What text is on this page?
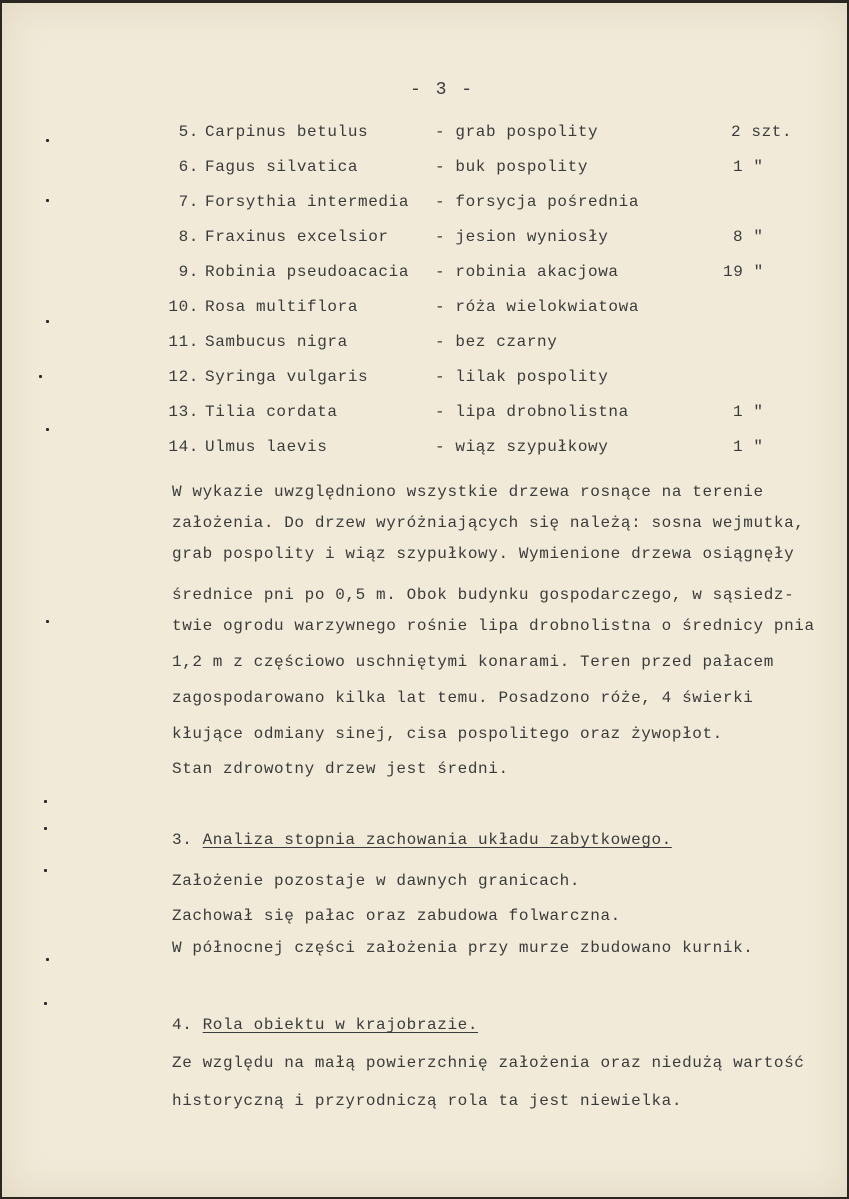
- 3 -
5. Carpinus betulus	- grab pospolity	2 szt.
6. Fagus silvatica	- buk pospolity	1 "
7. Forsythia intermedia - forsycja pośrednia
8. Fraxinus excelsior	- jesion wyniosły	8 "
9. Robinia pseudoacacia - robinia akacjowa	19 "
10. Rosa multiflora	- róża wielokwiatowa
11. Sambucus nigra	- bez czarny
12. Syringa vulgaris	- lilak pospolity
13. Tilia cordata	- lipa drobnolistna	1 "
14. Ulmus laevis	- wiąz szypułkowy	1 "
W wykazie uwzględniono wszystkie drzewa rosnące na terenie
założenia. Do drzew wyróżniających się należą: sosna wejmutka,
grab pospolity i wiąz szypułkowy. Wymienione drzewa osiągnęły
średnice pni po 0,5 m. Obok budynku gospodarczego, w sąsiedz-
twie ogrodu warzywnego rośnie lipa drobnolistna o średnicy pnia
1,2 m z częściowo uschniętymi konarami. Teren przed pałacem
zagospodarowano kilka lat temu. Posadzono róże, 4 świerki
kłujące odmiany sinej, cisa pospolitego oraz żywopłot.
Stan zdrowotny drzew jest średni.
3. Analiza stopnia zachowania układu zabytkowego.
Założenie pozostaje w dawnych granicach.
Zachował się pałac oraz zabudowa folwarczna.
W północnej części założenia przy murze zbudowano kurnik.
4. Rola obiektu w krajobrazie.
Ze względu na małą powierzchnię założenia oraz niedużą wartość
historyczną i przyrodniczą rola ta jest niewielka.
